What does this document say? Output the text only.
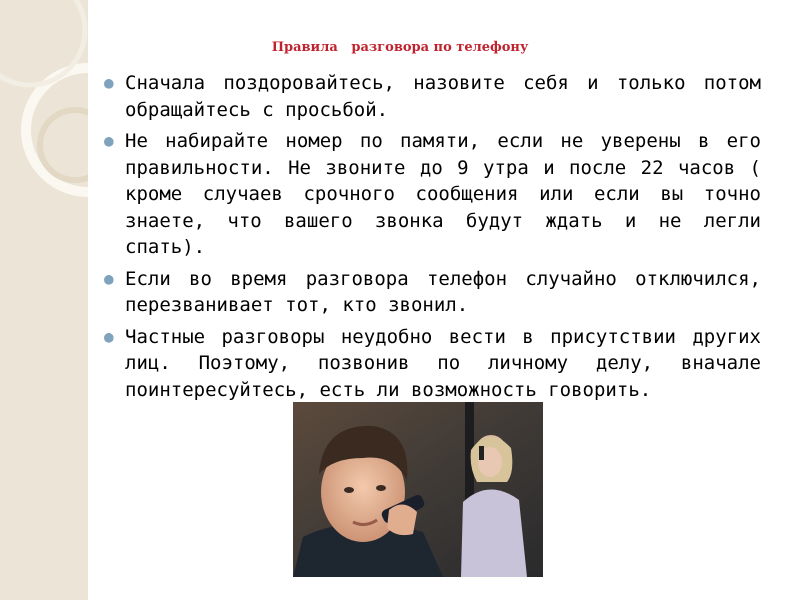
Правила   разговора по телефону
● Сначала поздоровайтесь, назовите себя и только потом обращайтесь с просьбой.
● Не набирайте номер по памяти, если не уверены в его правильности. Не звоните до 9 утра и после 22 часов ( кроме случаев срочного сообщения или если вы точно знаете, что вашего звонка будут ждать и не легли спать).
● Если во время разговора телефон случайно отключился, перезванивает тот, кто звонил.
● Частные разговоры неудобно вести в присутствии других лиц. Поэтому, позвонив по личному делу, вначале поинтересуйтесь, есть ли возможность говорить.
